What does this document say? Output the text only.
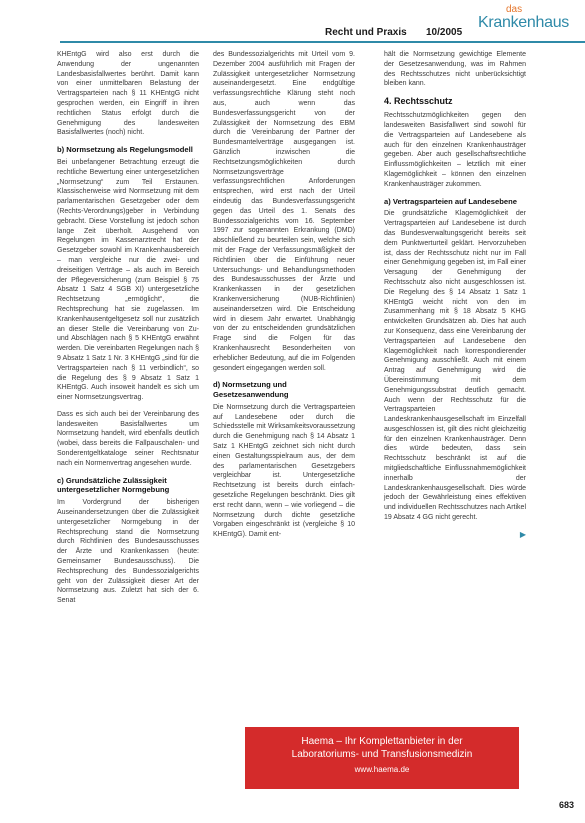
Recht und Praxis 10/2005
das
Krankenhaus

KHEntgG wird also erst durch die Anwendung der ungenannten Landesbasisfallwertes berührt. Damit kann von einer unmittelbaren Belastung der Vertragsparteien nach § 11 KHEntgG nicht gesprochen werden, ein Eingriff in ihren rechtlichen Status erfolgt durch die Genehmigung des landesweiten Basisfallwertes (noch) nicht.

b) Normsetzung als Regelungsmodell

Bei unbefangener Betrachtung erzeugt die rechtliche Bewertung einer untergesetzlichen „Normsetzung“ zum Teil Erstaunen. Klassischerweise wird Normsetzung mit dem parlamentarischen Gesetzgeber oder dem (Rechts-Verordnungs)geber in Verbindung gebracht. Diese Vorstellung ist jedoch schon lange Zeit überholt. Ausgehend von Regelungen im Kassenarztrecht hat der Gesetzgeber sowohl im Krankenhausbereich – man vergleiche nur die zwei- und dreiseitigen Verträge – als auch im Bereich der Pflegeversicherung (zum Beispiel § 75 Absatz 1 Satz 4 SGB XI) untergesetzliche Rechtsetzung „ermöglicht“, die Rechtsprechung hat sie zugelassen. Im Krankenhausentgeltgesetz soll nur zusätzlich an dieser Stelle die Vereinbarung von Zu- und Abschlägen nach § 5 KHEntgG erwähnt werden. Die vereinbarten Regelungen nach § 9 Absatz 1 Satz 1 Nr. 3 KHEntgG „sind für die Vertragsparteien nach § 11 verbindlich“, so die Regelung des § 9 Absatz 1 Satz 1 KHEntgG. Auch insoweit handelt es sich um einer Normsetzungsvertrag.

Dass es sich auch bei der Vereinbarung des landesweiten Basisfallwertes um Normsetzung handelt, wird ebenfalls deutlich (wobei, dass bereits die Fallpauschalen- und Sonderentgeltkataloge seiner Rechtsnatur nach ein Normenvertrag angesehen wurde.

c) Grundsätzliche Zulässigkeit untergesetzlicher Normgebung

Im Vordergrund der bisherigen Auseinandersetzungen über die Zulässigkeit untergesetzlicher Normgebung in der Rechtsprechung stand die Normsetzung durch Richtlinien des Bundesausschusses der Ärzte und Krankenkassen (heute: Gemeinsamer Bundesausschuss). Die Rechtsprechung des Bundessozialgerichts geht von der Zulässigkeit dieser Art der Normsetzung aus. Zuletzt hat sich der 6. Senat

des Bundessozialgerichts mit Urteil vom 9. Dezember 2004 ausführlich mit Fragen der Zulässigkeit untergesetzlicher Normsetzung auseinandergesetzt. Eine endgültige verfassungsrechtliche Klärung steht noch aus, auch wenn das Bundesverfassungsgericht von der Zulässigkeit der Normsetzung des EBM durch die Vereinbarung der Partner der Bundesmantelverträge ausgegangen ist. Gänzlich inzwischen die Rechtsetzungsmöglichkeiten durch Normsetzungsverträge verfassungsrechtlichen Anforderungen entsprechen, wird erst nach der Urteil eindeutig das Bundesverfassungsgericht gegen das Urteil des 1. Senats des Bundessozialgerichts vom 16. September 1997 zur sogenannten Erkrankung (DMD) abschließend zu beurteilen sein, welche sich mit der Frage der Verfassungsmäßigkeit der Richtlinien über die Einführung neuer Untersuchungs- und Behandlungsmethoden des Bundesausschusses der Ärzte und Krankenkassen in der gesetzlichen Krankenversicherung (NUB-Richtlinien) auseinandersetzen wird. Die Entscheidung wird in diesem Jahr erwartet. Unabhängig von der zu entscheidenden grundsätzlichen Frage sind die Folgen für das Krankenhausrecht Besonderheiten von erheblicher Bedeutung, auf die im Folgenden gesondert eingegangen werden soll.

d) Normsetzung und Gesetzesanwendung

Die Normsetzung durch die Vertragsparteien auf Landesebene oder durch die Schiedsstelle mit Wirksamkeitsvoraussetzung durch die Genehmigung nach § 14 Absatz 1 Satz 1 KHEntgG zeichnet sich nicht durch einen Gestaltungsspielraum aus, der dem des parlamentarischen Gesetzgebers vergleichbar ist. Untergesetzliche Rechtsetzung ist bereits durch einfach-gesetzliche Regelungen beschränkt. Dies gilt erst recht dann, wenn – wie vorliegend – die Normsetzung durch dichte gesetzliche Vorgaben eingeschränkt ist (vergleiche § 10 KHEntgG). Damit ent-

hält die Normsetzung gewichtige Elemente der Gesetzesanwendung, was im Rahmen des Rechtsschutzes nicht unberücksichtigt bleiben kann.

4. Rechtsschutz

Rechtsschutzmöglichkeiten gegen den landesweiten Basisfallwert sind sowohl für die Vertragsparteien auf Landesebene als auch für den einzelnen Krankenhausträger gegeben. Aber auch gesellschaftsrechtliche Einflussmöglichkeiten – letztlich mit einer Klagemöglichkeit – können den einzelnen Krankenhausträger zukommen.

a) Vertragsparteien auf Landesebene

Die grundsätzliche Klagemöglichkeit der Vertragsparteien auf Landesebene ist durch das Bundesverwaltungsgericht bereits seit dem Punktwerturteil geklärt. Hervorzuheben ist, dass der Rechtsschutz nicht nur im Fall einer Genehmigung gegeben ist, im Fall einer Versagung der Genehmigung der Rechtsschutz also nicht ausgeschlossen ist. Die Regelung des § 14 Absatz 1 Satz 1 KHEntgG weicht nicht von den im Zusammenhang mit § 18 Absatz 5 KHG entwickelten Grundsätzen ab. Dies hat auch zur Konsequenz, dass eine Vereinbarung der Vertragsparteien auf Landesebene den Klagemöglichkeit nach korrespondierender Genehmigung ausschließt. Auch mit einem Antrag auf Genehmigung wird die Übereinstimmung mit dem Genehmigungssubstrat deutlich gemacht. Auch wenn der Rechtsschutz für die Vertragsparteien Landeskrankenhausgesellschaft im Einzelfall ausgeschlossen ist, gilt dies nicht gleichzeitig für den einzelnen Krankenhausträger. Denn dies würde bedeuten, dass sein Rechtsschutz beschränkt ist auf die mitgliedschaftliche Einflussnahmemöglichkeit innerhalb der Landeskrankenhausgesellschaft. Dies würde jedoch der Gewährleistung eines effektiven und individuellen Rechtsschutzes nach Artikel 19 Absatz 4 GG nicht gerecht.

▶
Haema – Ihr Komplettanbieter in der
Laboratoriums- und Transfusionsmedizin
www.haema.de
683
